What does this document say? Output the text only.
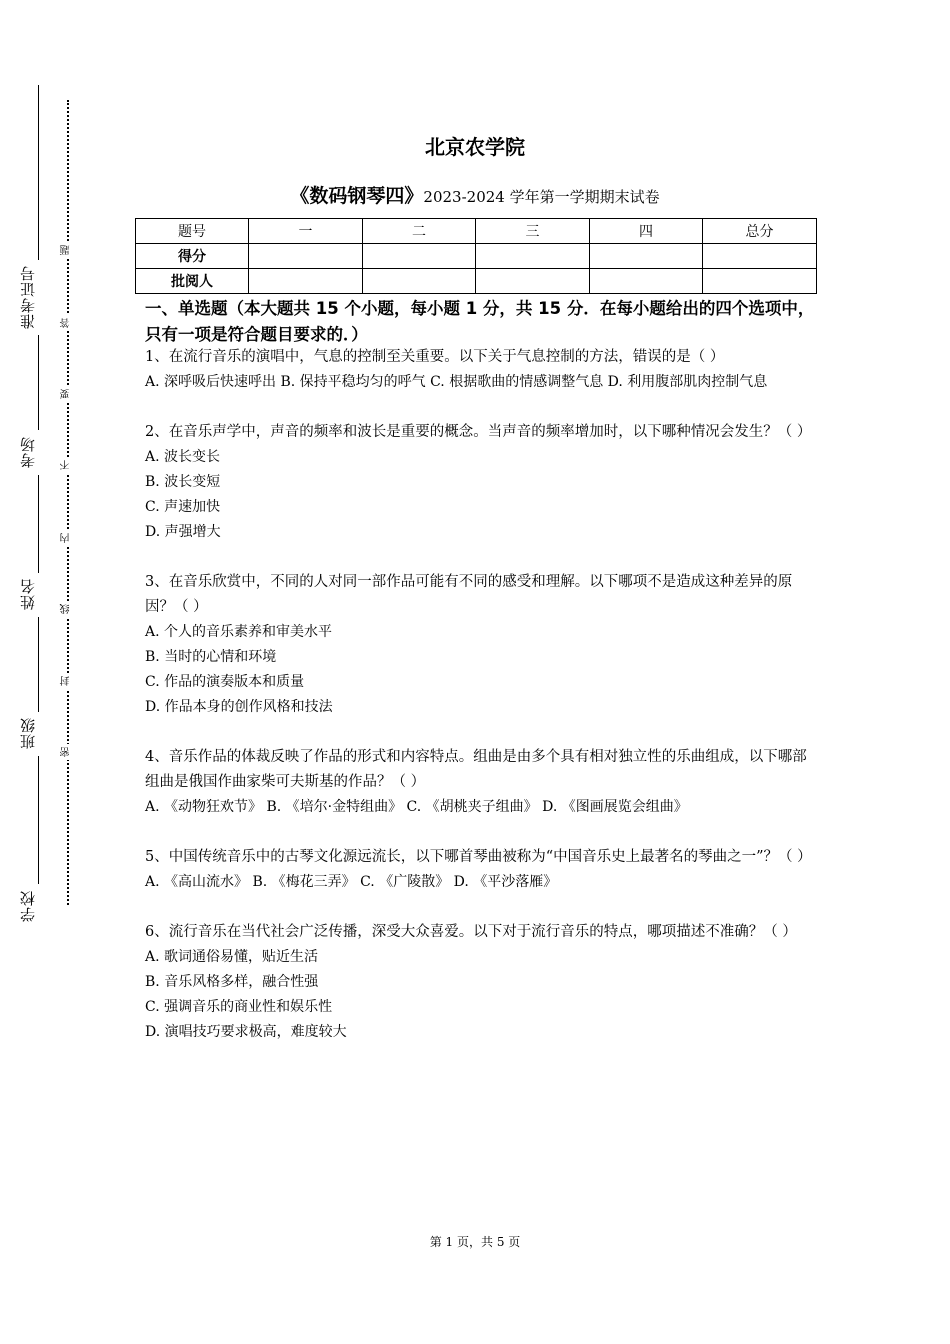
准考证号
考场
姓名
班级
学校
题
答
要
不
内
线
封
密
北京农学院
《数码钢琴四》2023-2024 学年第一学期期末试卷
题号	一	二	三	四	总分
得分					
批阅人					
一、单选题（本大题共 15 个小题，每小题 1 分，共 15 分．在每小题给出的四个选项中，只有一项是符合题目要求的．）
1、在流行音乐的演唱中，气息的控制至关重要。以下关于气息控制的方法，错误的是（ ）
A. 深呼吸后快速呼出 B. 保持平稳均匀的呼气 C. 根据歌曲的情感调整气息 D. 利用腹部肌肉控制气息
2、在音乐声学中，声音的频率和波长是重要的概念。当声音的频率增加时，以下哪种情况会发生？（ ）
A. 波长变长
B. 波长变短
C. 声速加快
D. 声强增大
3、在音乐欣赏中，不同的人对同一部作品可能有不同的感受和理解。以下哪项不是造成这种差异的原因？（ ）
A. 个人的音乐素养和审美水平
B. 当时的心情和环境
C. 作品的演奏版本和质量
D. 作品本身的创作风格和技法
4、音乐作品的体裁反映了作品的形式和内容特点。组曲是由多个具有相对独立性的乐曲组成，以下哪部组曲是俄国作曲家柴可夫斯基的作品？（ ）
A. 《动物狂欢节》 B. 《培尔·金特组曲》 C. 《胡桃夹子组曲》 D. 《图画展览会组曲》
5、中国传统音乐中的古琴文化源远流长，以下哪首琴曲被称为“中国音乐史上最著名的琴曲之一”？（ ）
A. 《高山流水》 B. 《梅花三弄》 C. 《广陵散》 D. 《平沙落雁》
6、流行音乐在当代社会广泛传播，深受大众喜爱。以下对于流行音乐的特点，哪项描述不准确？（ ）
A. 歌词通俗易懂，贴近生活
B. 音乐风格多样，融合性强
C. 强调音乐的商业性和娱乐性
D. 演唱技巧要求极高，难度较大
第 1 页，共 5 页
